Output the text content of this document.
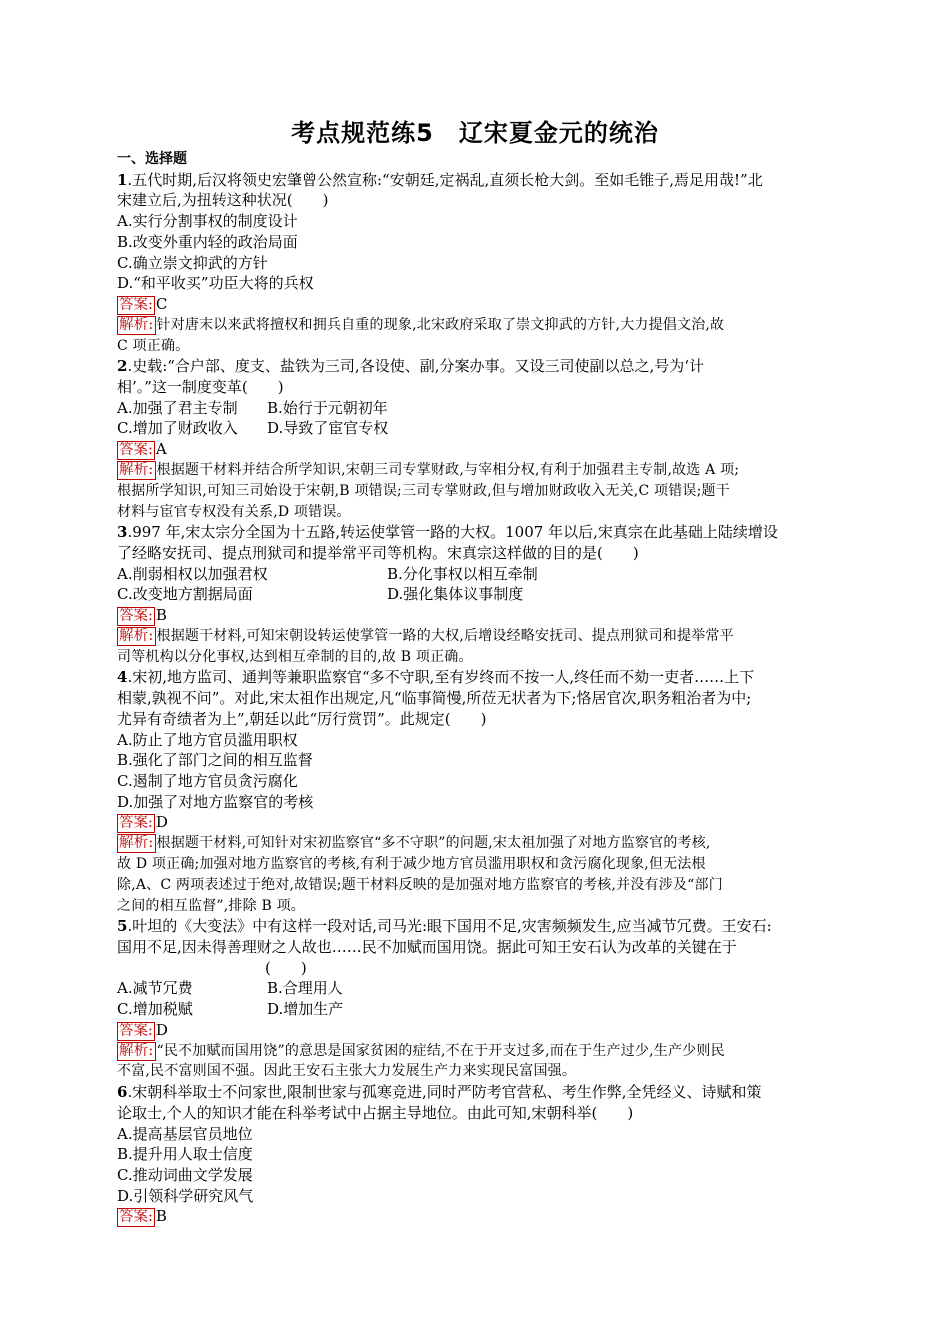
考点规范练5　辽宋夏金元的统治
一、选择题
1.五代时期,后汉将领史宏肇曾公然宣称:“安朝廷,定祸乱,直须长枪大剑。至如毛锥子,焉足用哉!”北
宋建立后,为扭转这种状况(　　)
A.实行分割事权的制度设计
B.改变外重内轻的政治局面
C.确立崇文抑武的方针
D.“和平收买”功臣大将的兵权
答案: C
解析: 针对唐末以来武将擅权和拥兵自重的现象,北宋政府采取了崇文抑武的方针,大力提倡文治,故
C 项正确。
2.史载:“合户部、度支、盐铁为三司,各设使、副,分案办事。又设三司使副以总之,号为‘计
相’。”这一制度变革(　　)
A.加强了君主专制 B.始行于元朝初年
C.增加了财政收入 D.导致了宦官专权
答案: A
解析: 根据题干材料并结合所学知识,宋朝三司专掌财政,与宰相分权,有利于加强君主专制,故选 A 项;
根据所学知识,可知三司始设于宋朝,B 项错误;三司专掌财政,但与增加财政收入无关,C 项错误;题干
材料与宦官专权没有关系,D 项错误。
3.997 年,宋太宗分全国为十五路,转运使掌管一路的大权。1007 年以后,宋真宗在此基础上陆续增设
了经略安抚司、提点刑狱司和提举常平司等机构。宋真宗这样做的目的是(　　)
A.削弱相权以加强君权	B.分化事权以相互牵制
C.改变地方割据局面	D.强化集体议事制度
答案: B
解析: 根据题干材料,可知宋朝设转运使掌管一路的大权,后增设经略安抚司、提点刑狱司和提举常平
司等机构以分化事权,达到相互牵制的目的,故 B 项正确。
4.宋初,地方监司、通判等兼职监察官“多不守职,至有岁终而不按一人,终任而不劾一吏者……上下
相蒙,孰视不问”。对此,宋太祖作出规定,凡“临事简慢,所莅无状者为下;恪居官次,职务粗治者为中;
尤异有奇绩者为上”,朝廷以此“厉行赏罚”。此规定(　　)
A.防止了地方官员滥用职权
B.强化了部门之间的相互监督
C.遏制了地方官员贪污腐化
D.加强了对地方监察官的考核
答案: D
解析: 根据题干材料,可知针对宋初监察官“多不守职”的问题,宋太祖加强了对地方监察官的考核,
故 D 项正确;加强对地方监察官的考核,有利于减少地方官员滥用职权和贪污腐化现象,但无法根
除,A、C 两项表述过于绝对,故错误;题干材料反映的是加强对地方监察官的考核,并没有涉及“部门
之间的相互监督”,排除 B 项。
5.叶坦的《大变法》中有这样一段对话,司马光:眼下国用不足,灾害频频发生,应当减节冗费。王安石:
国用不足,因未得善理财之人故也……民不加赋而国用饶。据此可知王安石认为改革的关键在于
(　　)
A.减节冗费	B.合理用人
C.增加税赋	D.增加生产
答案: D
解析: “民不加赋而国用饶”的意思是国家贫困的症结,不在于开支过多,而在于生产过少,生产少则民
不富,民不富则国不强。因此王安石主张大力发展生产力来实现民富国强。
6.宋朝科举取士不问家世,限制世家与孤寒竞进,同时严防考官营私、考生作弊,全凭经义、诗赋和策
论取士,个人的知识才能在科举考试中占据主导地位。由此可知,宋朝科举(　　)
A.提高基层官员地位
B.提升用人取士信度
C.推动词曲文学发展
D.引领科学研究风气
答案: B
